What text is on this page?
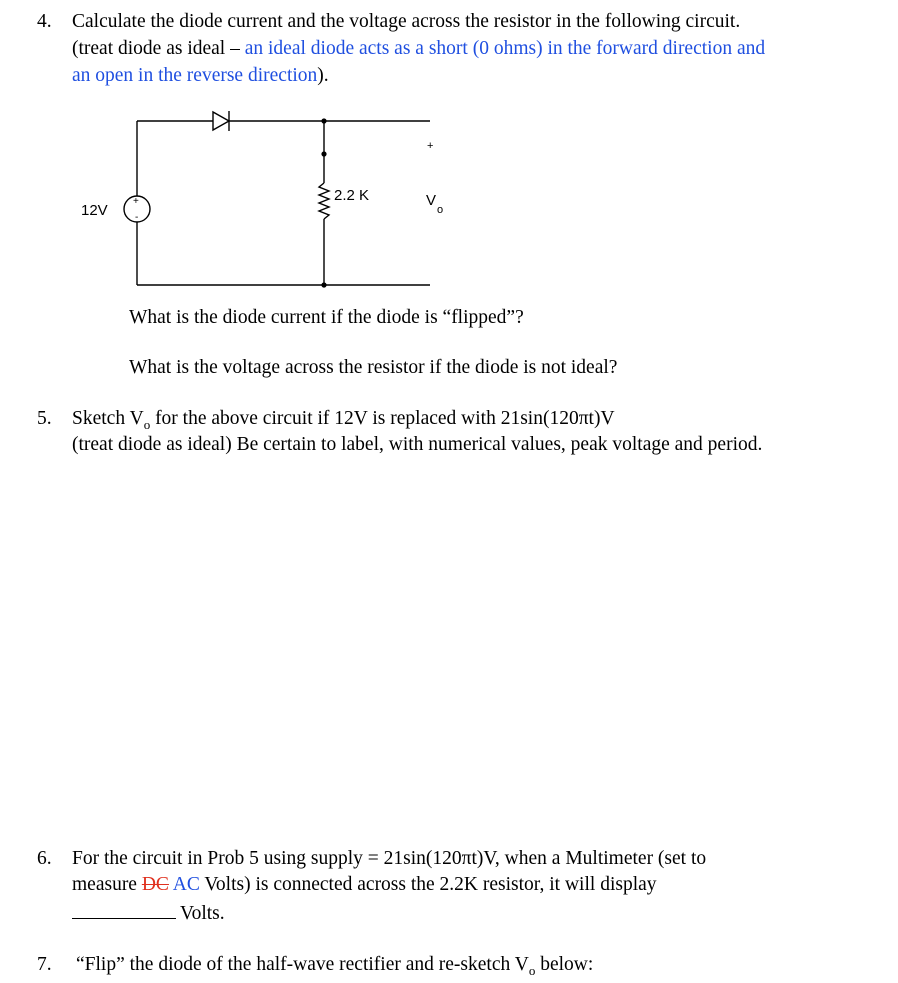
4. Calculate the diode current and the voltage across the resistor in the following circuit.
(treat diode as ideal – an ideal diode acts as a short (0 ohms) in the forward direction and
an open in the reverse direction).
12V
+
-
2.2 K
+
V
o
What is the diode current if the diode is “flipped”?
What is the voltage across the resistor if the diode is not ideal?
5. Sketch $V_o$ for the above circuit if 12V is replaced with 21sin(120πt)V
(treat diode as ideal) Be certain to label, with numerical values, peak voltage and period.
6. For the circuit in Prob 5 using supply = 21sin(120πt)V, when a Multimeter (set to
measure DC AC Volts) is connected across the 2.2K resistor, it will display
Volts.
7. “Flip” the diode of the half-wave rectifier and re-sketch $V_o$ below:
